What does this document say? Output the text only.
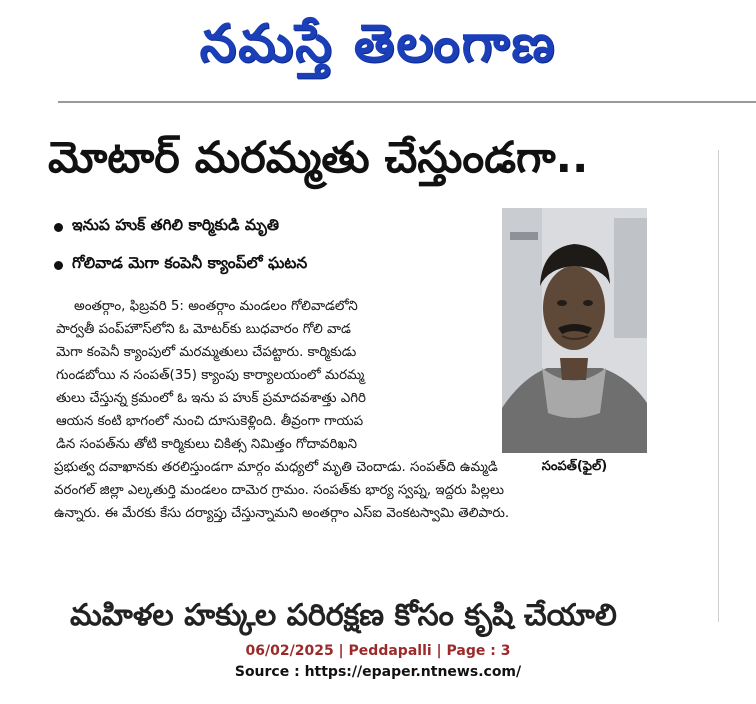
నమస్తే తెలంగాణ
మోటార్ మరమ్మతు చేస్తుండగా..
ఇనుప హుక్ తగిలి కార్మికుడి మృతి
గోలివాడ మెగా కంపెనీ క్యాంప్‌లో ఘటన
సంపత్(ఫైల్)
అంతర్గాం, ఫిబ్రవరి 5: అంతర్గాం మండలం గోలివాడలోని
పార్వతీ పంప్‌హౌస్‌లోని ఓ మోటర్‌కు బుధవారం గోలి వాడ
మెగా కంపెనీ క్యాంపులో మరమ్మతులు చేపట్టారు. కార్మికుడు
గుండబోయి న సంపత్(35) క్యాంపు కార్యాలయంలో మరమ్మ
తులు చేస్తున్న క్రమంలో ఓ ఇను ప హుక్ ప్రమాదవశాత్తు ఎగిరి
ఆయన కంటి భాగంలో నుంచి దూసుకెళ్లింది. తీవ్రంగా గాయప
డిన సంపత్‌ను తోటి కార్మికులు చికిత్స నిమిత్తం గోదావరిఖని
ప్రభుత్వ దవాఖానకు తరలిస్తుండగా మార్గం మధ్యలో మృతి చెందాడు. సంపత్‌ది ఉమ్మడి
వరంగల్ జిల్లా ఎల్కతుర్తి మండలం దామెర గ్రామం. సంపత్‌కు భార్య స్వప్న, ఇద్దరు పిల్లలు
ఉన్నారు. ఈ మేరకు కేసు దర్యాప్తు చేస్తున్నామని అంతర్గాం ఎస్ఐ వెంకటస్వామి తెలిపారు.
మహిళల హక్కుల పరిరక్షణ కోసం కృషి చేయాలి
06/02/2025 | Peddapalli | Page : 3
Source : https://epaper.ntnews.com/
